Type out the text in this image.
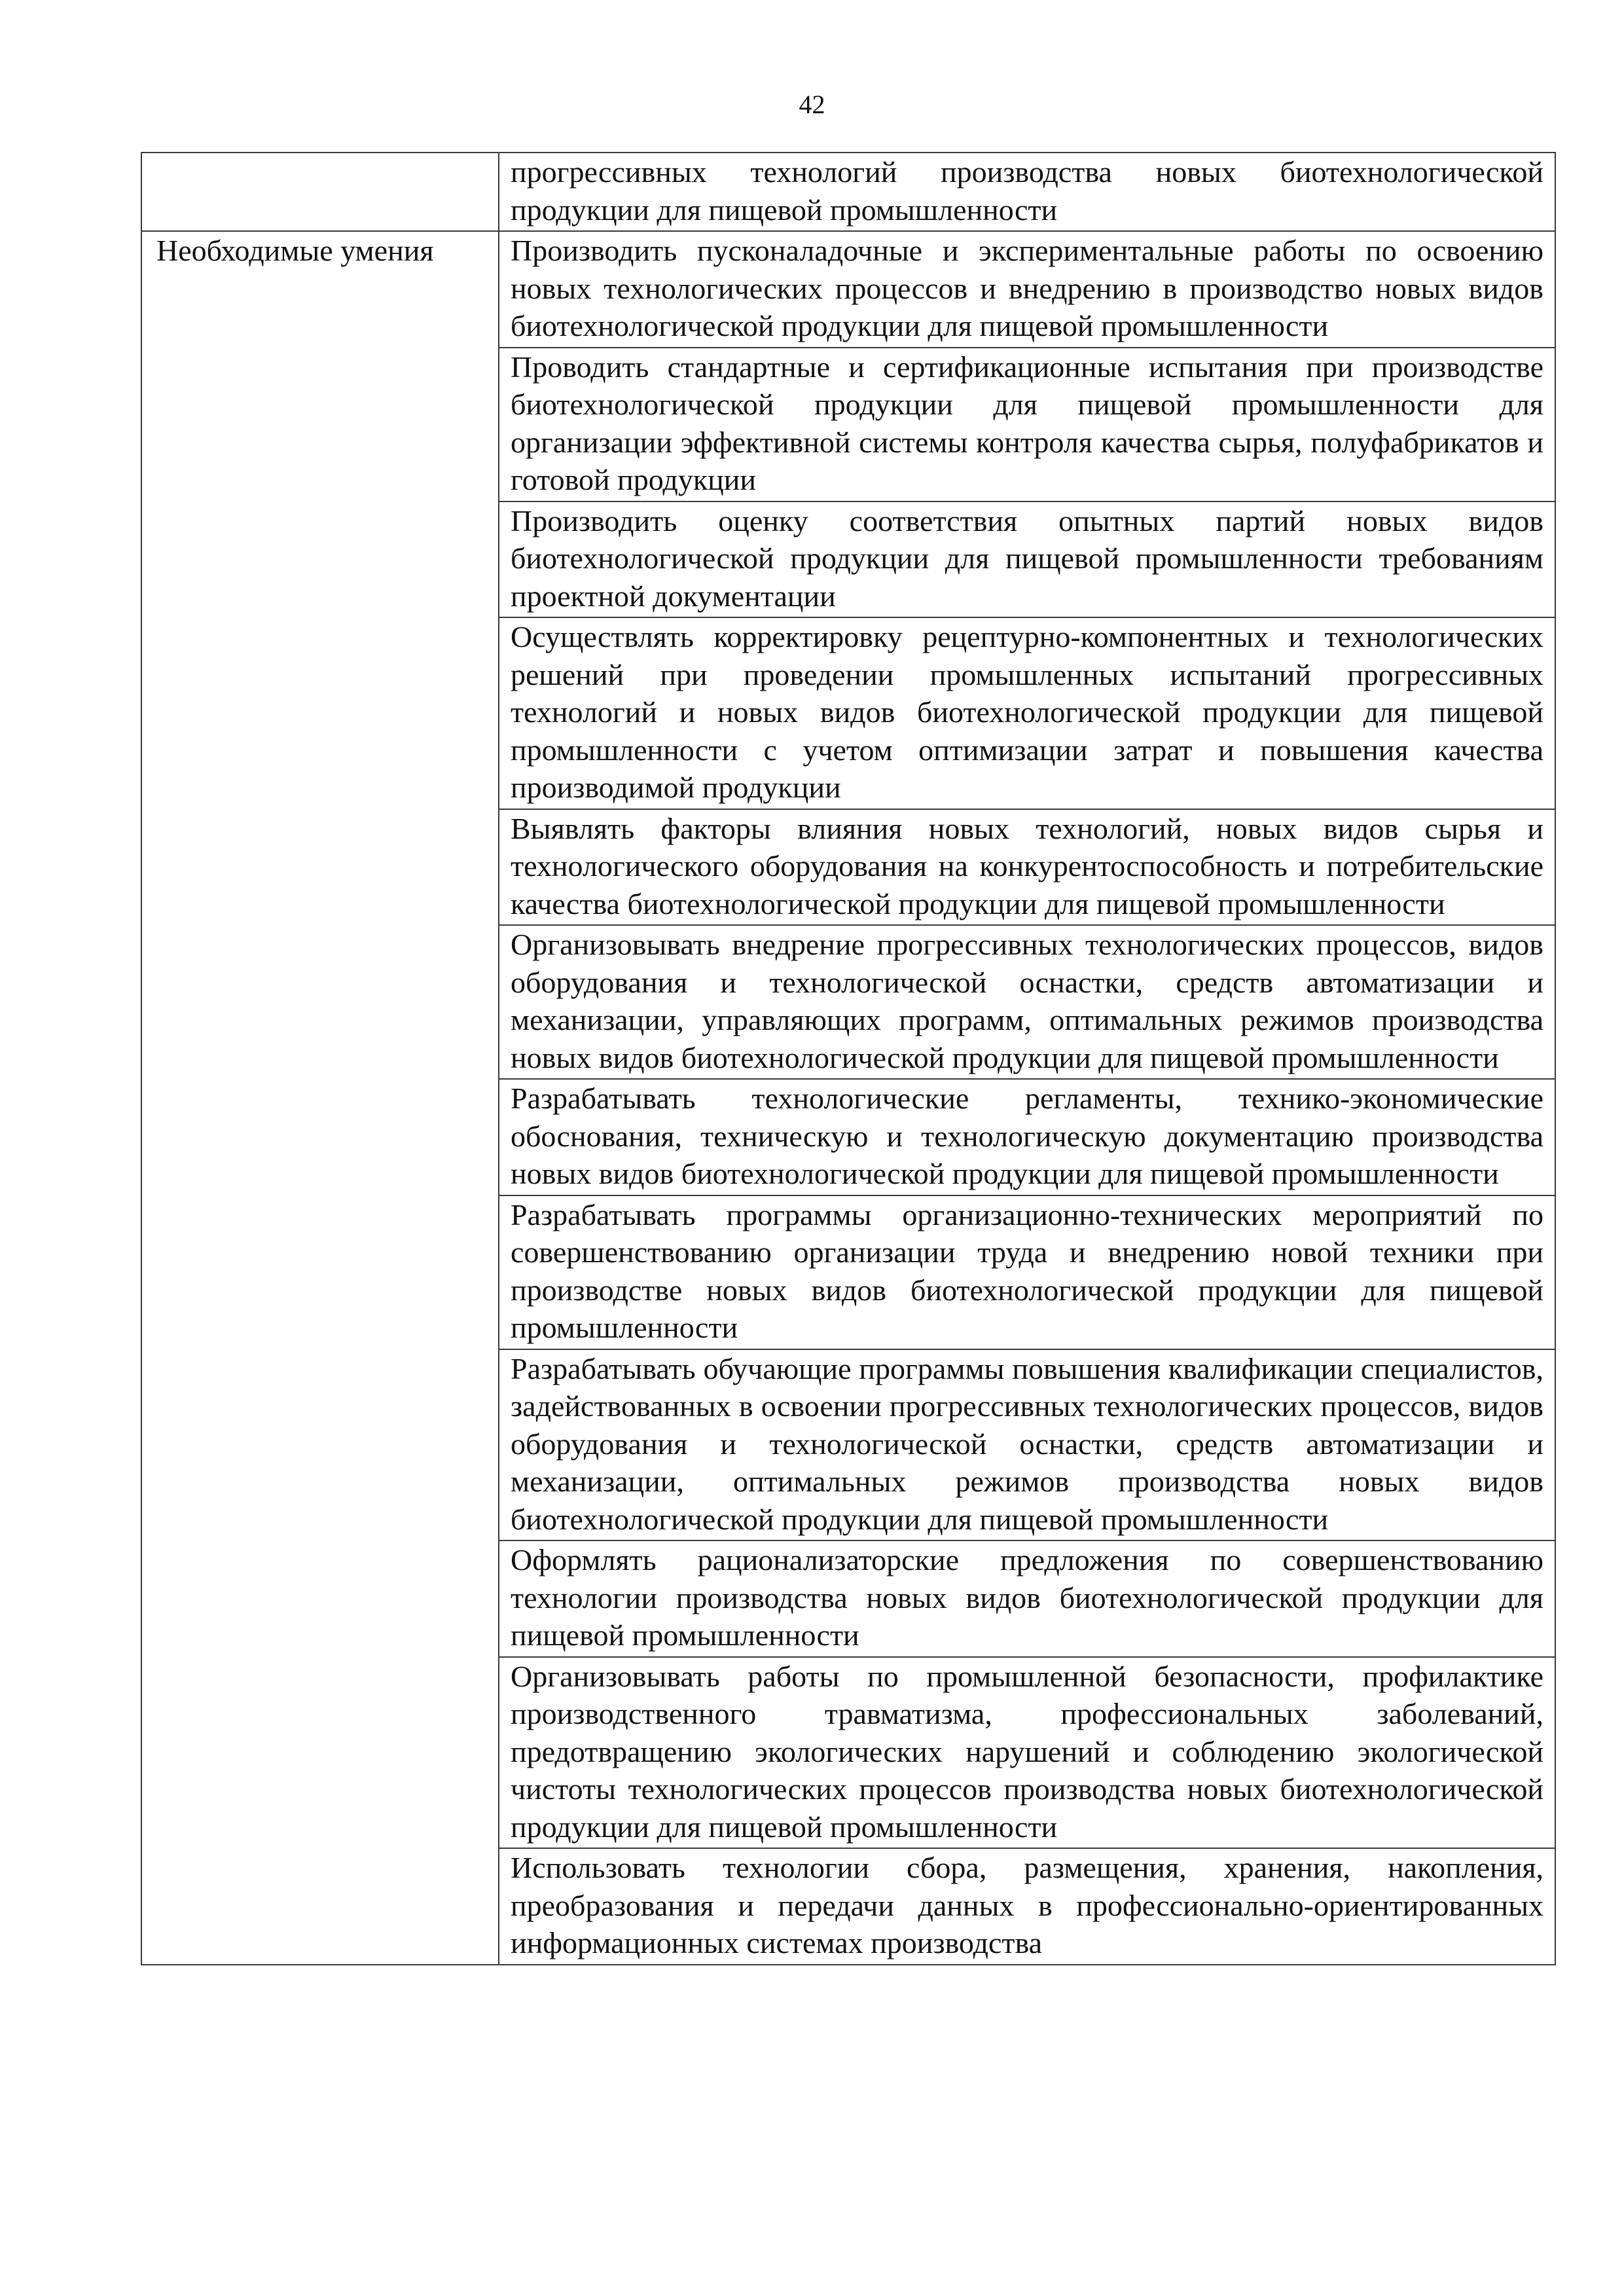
42
	прогрессивных технологий производства новых биотехнологической продукции для пищевой промышленности
Необходимые умения	Производить пусконаладочные и экспериментальные работы по освоению новых технологических процессов и внедрению в производство новых видов биотехнологической продукции для пищевой промышленности
	Проводить стандартные и сертификационные испытания при производстве биотехнологической продукции для пищевой промышленности для организации эффективной системы контроля качества сырья, полуфабрикатов и готовой продукции
	Производить оценку соответствия опытных партий новых видов биотехнологической продукции для пищевой промышленности требованиям проектной документации
	Осуществлять корректировку рецептурно-компонентных и технологических решений при проведении промышленных испытаний прогрессивных технологий и новых видов биотехнологической продукции для пищевой промышленности с учетом оптимизации затрат и повышения качества производимой продукции
	Выявлять факторы влияния новых технологий, новых видов сырья и технологического оборудования на конкурентоспособность и потребительские качества биотехнологической продукции для пищевой промышленности
	Организовывать внедрение прогрессивных технологических процессов, видов оборудования и технологической оснастки, средств автоматизации и механизации, управляющих программ, оптимальных режимов производства новых видов биотехнологической продукции для пищевой промышленности
	Разрабатывать технологические регламенты, технико-экономические обоснования, техническую и технологическую документацию производства новых видов биотехнологической продукции для пищевой промышленности
	Разрабатывать программы организационно-технических мероприятий по совершенствованию организации труда и внедрению новой техники при производстве новых видов биотехнологической продукции для пищевой промышленности
	Разрабатывать обучающие программы повышения квалификации специалистов, задействованных в освоении прогрессивных технологических процессов, видов оборудования и технологической оснастки, средств автоматизации и механизации, оптимальных режимов производства новых видов биотехнологической продукции для пищевой промышленности
	Оформлять рационализаторские предложения по совершенствованию технологии производства новых видов биотехнологической продукции для пищевой промышленности
	Организовывать работы по промышленной безопасности, профилактике производственного травматизма, профессиональных заболеваний, предотвращению экологических нарушений и соблюдению экологической чистоты технологических процессов производства новых биотехнологической продукции для пищевой промышленности
	Использовать технологии сбора, размещения, хранения, накопления, преобразования и передачи данных в профессионально-ориентированных информационных системах производства
